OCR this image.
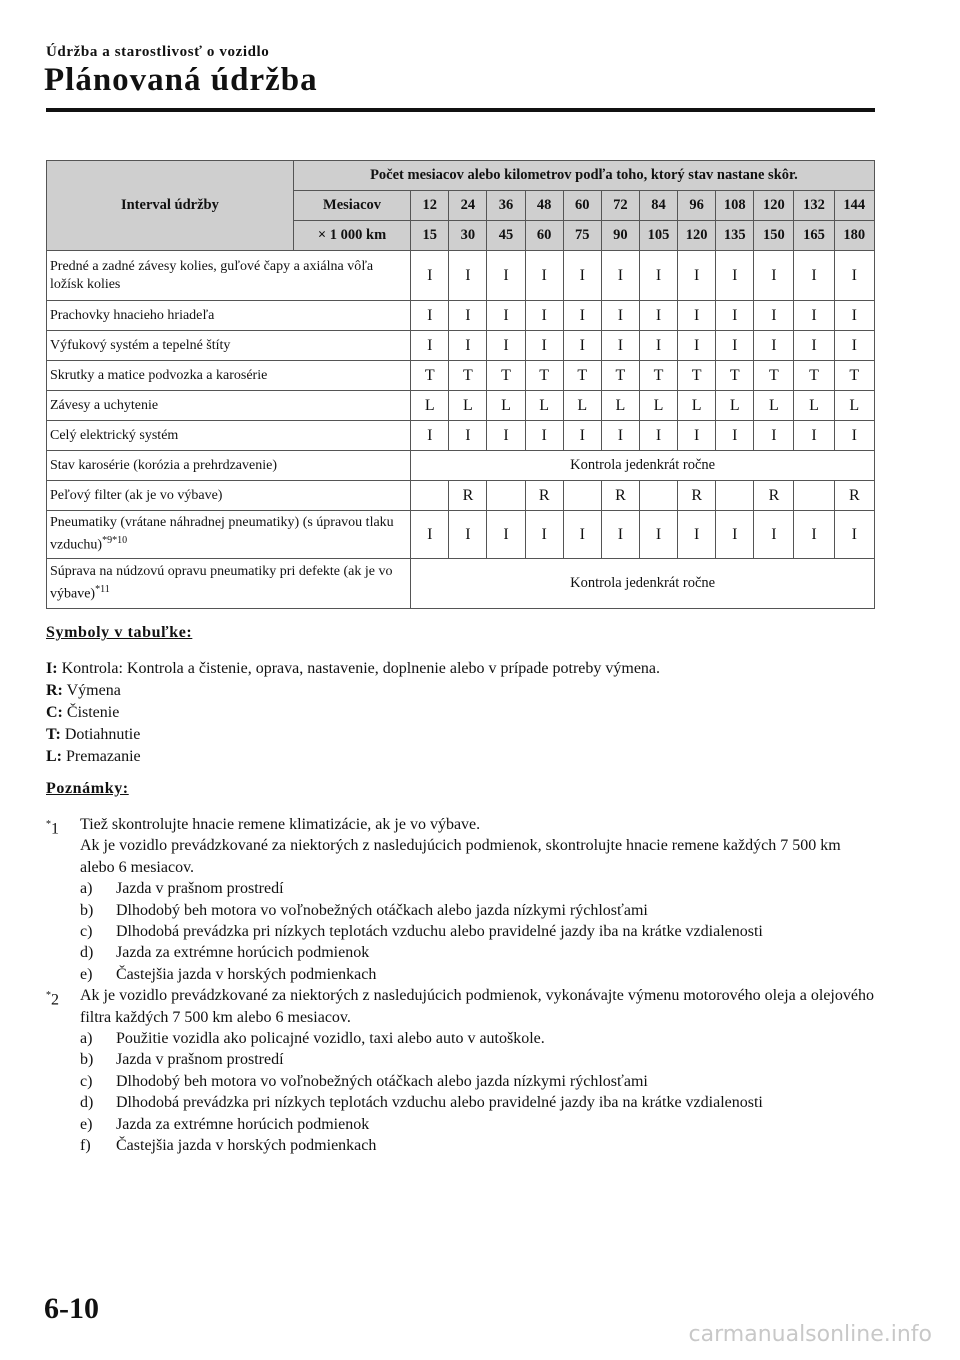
Údržba a starostlivosť o vozidlo
Plánovaná údržba
Interval údržby	Počet mesiacov alebo kilometrov podľa toho, ktorý stav nastane skôr.												
	Mesiacov	12	24	36	48	60	72	84	96	108	120	132	144
	× 1 000 km	15	30	45	60	75	90	105	120	135	150	165	180
Predné a zadné závesy kolies, guľové čapy a axiálna vôľa ložísk kolies		I	I	I	I	I	I	I	I	I	I	I	I
Prachovky hnacieho hriadeľa		I	I	I	I	I	I	I	I	I	I	I	I
Výfukový systém a tepelné štíty		I	I	I	I	I	I	I	I	I	I	I	I
Skrutky a matice podvozka a karosérie		T	T	T	T	T	T	T	T	T	T	T	T
Závesy a uchytenie		L	L	L	L	L	L	L	L	L	L	L	L
Celý elektrický systém		I	I	I	I	I	I	I	I	I	I	I	I
Stav karosérie (korózia a prehrdzavenie)		Kontrola jedenkrát ročne											
Peľový filter (ak je vo výbave)			R		R		R		R		R		R
Pneumatiky (vrátane náhradnej pneumatiky) (s úpravou tlaku vzduchu)$^{*9*10}$		I	I	I	I	I	I	I	I	I	I	I	I
Súprava na núdzovú opravu pneumatiky pri defekte (ak je vo výbave)$^{*11}$		Kontrola jedenkrát ročne											
Symboly v tabuľke:
I: Kontrola: Kontrola a čistenie, oprava, nastavenie, doplnenie alebo v prípade potreby výmena.
R: Výmena
C: Čistenie
T: Dotiahnutie
L: Premazanie
Poznámky:
*1 Tiež skontrolujte hnacie remene klimatizácie, ak je vo výbave.
Ak je vozidlo prevádzkované za niektorých z nasledujúcich podmienok, skontrolujte hnacie remene každých 7 500 km alebo 6 mesiacov.
a) Jazda v prašnom prostredí
b) Dlhodobý beh motora vo voľnobežných otáčkach alebo jazda nízkymi rýchlosťami
c) Dlhodobá prevádzka pri nízkych teplotách vzduchu alebo pravidelné jazdy iba na krátke vzdialenosti
d) Jazda za extrémne horúcich podmienok
e) Častejšia jazda v horských podmienkach
*2 Ak je vozidlo prevádzkované za niektorých z nasledujúcich podmienok, vykonávajte výmenu motorového oleja a olejového filtra každých 7 500 km alebo 6 mesiacov.
a) Použitie vozidla ako policajné vozidlo, taxi alebo auto v autoškole.
b) Jazda v prašnom prostredí
c) Dlhodobý beh motora vo voľnobežných otáčkach alebo jazda nízkymi rýchlosťami
d) Dlhodobá prevádzka pri nízkych teplotách vzduchu alebo pravidelné jazdy iba na krátke vzdialenosti
e) Jazda za extrémne horúcich podmienok
f) Častejšia jazda v horských podmienkach
6-10
carmanualsonline.info
